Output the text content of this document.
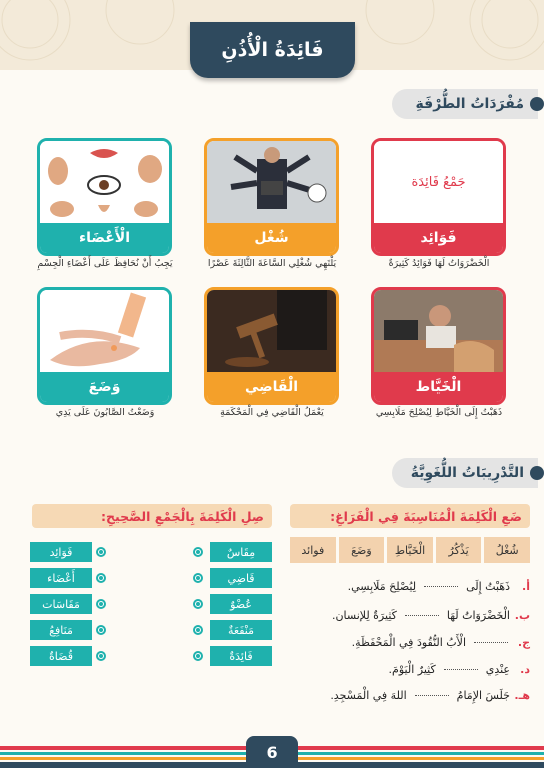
فَائِدَةُ الْأُذُنِ
مُفْرَدَاتُ الطُّرْفَةِ
جَمْعُ فَائِدَة
فَوَائِد
الْخَضْرَوَاتُ لَهَا فَوَائِدُ كَثِيرَةٌ
شُغْل
يَلْتَهِي شُغْلِي السَّاعَةَ الثَّالِثَةَ عَصْرًا
الْأَعْضَاء
يَجِبُ أَنْ نُحَافِظَ عَلَى أَعْضَاءِ الْجِسْمِ
الْخَيَّاط
ذَهَبْتُ إِلَى الْخَيَّاطِ لِيُصْلِحَ مَلَابِسِي
الْقَاضِي
يَعْمَلُ الْقَاضِي فِي الْمَحْكَمَةِ
وَضَعَ
وَضَعْتُ الصَّابُونَ عَلَى يَدِي
التَّدْرِيبَاتُ اللُّغَوِيَّةُ
ضَعِ الْكَلِمَةَ الْمُنَاسِبَةَ فِي الْفَرَاغِ:
شُغْلُ
يَذْكُرُ
الْخَيَّاطِ
وَضَعَ
فوائد
أ.
ذَهَبْتُ إِلَى
لِيُصْلِحَ مَلَابِسِي.
ب.
الْخَضْرَوَاتُ لَهَا
كَثِيرَةٌ لِلإنسان.
ج.
الْأَبُ النُّقُودَ فِي الْمَحْفَظَةِ.
د.
عِنْدِي
كَثِيرٌ الْيَوْمَ.
هـ.
جَلَسَ الإِمَامُ
اللهَ فِي الْمَسْجِدِ.
صِلِ الْكَلِمَةَ بِالْجَمْعِ الصَّحِيحِ:
مِقَاسٌ
قَاضِي
عُضْوٌ
مَنْفَعَةٌ
فَائِدَةٌ
فَوَائِد
أَعْضَاء
مَقَاسَات
مَنَافِعُ
قُضَاةٌ
6
